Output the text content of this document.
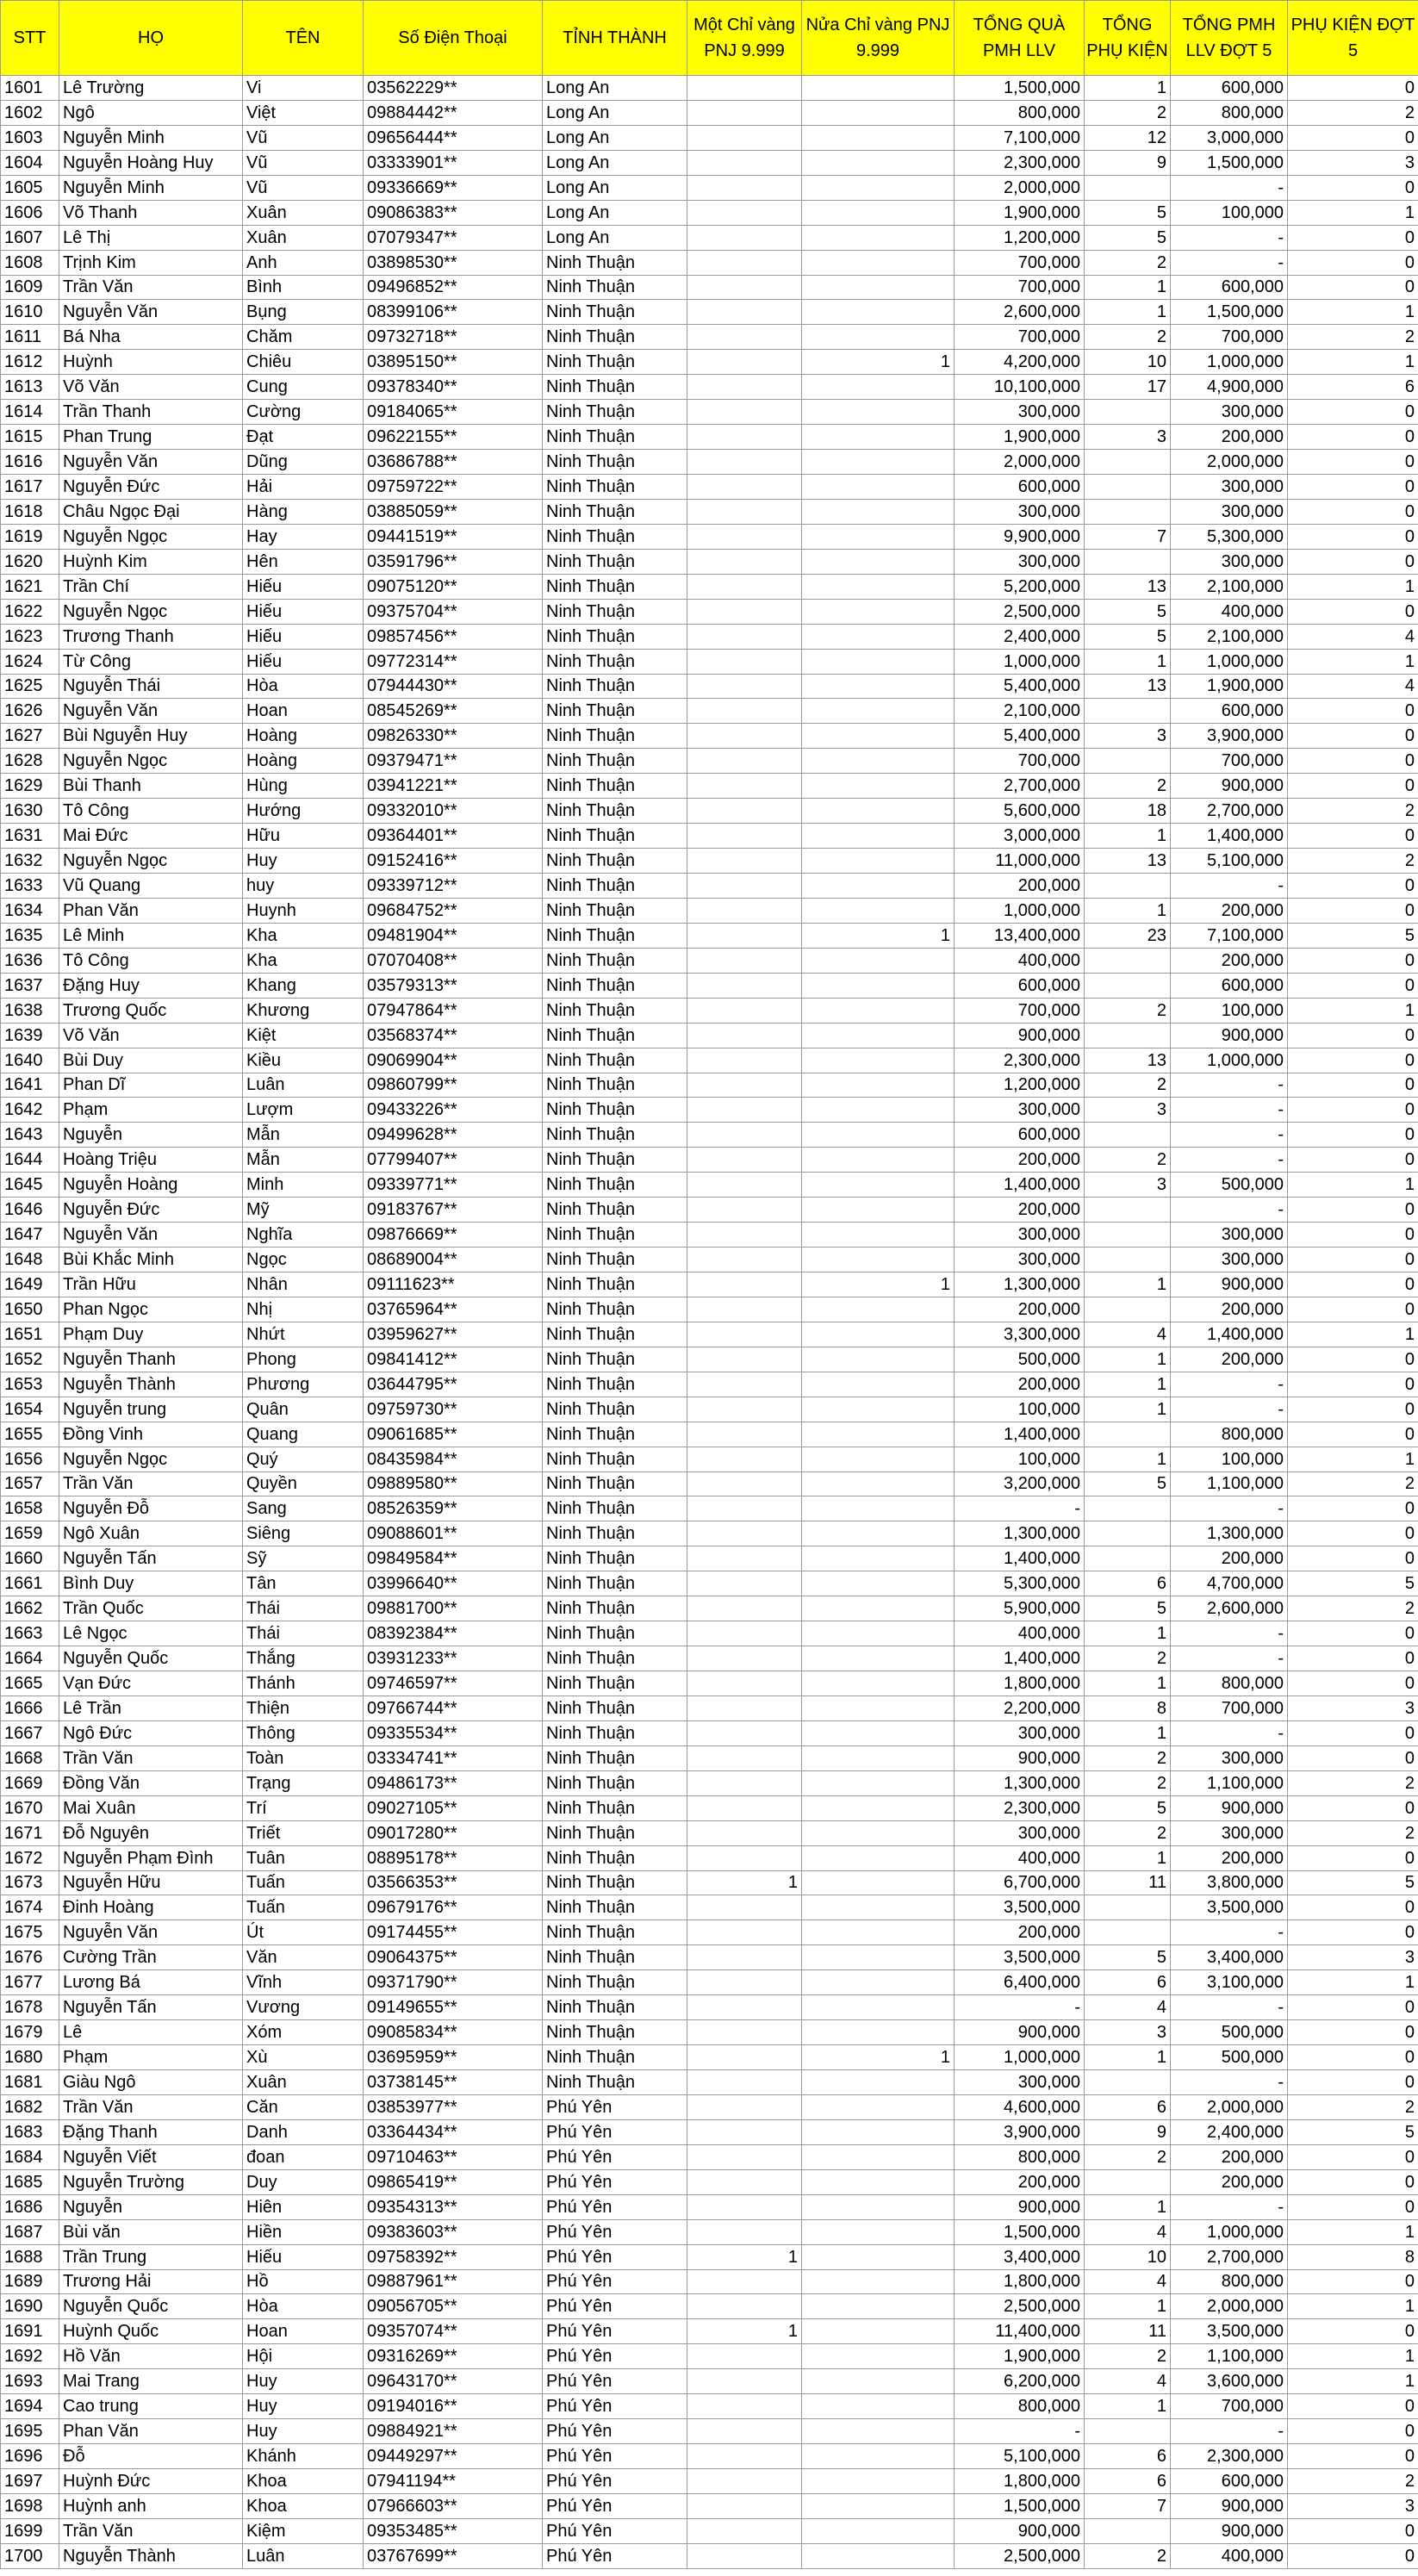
STT	HỌ	TÊN	Số Điện Thoại	TỈNH THÀNH	Một Chỉ vàng PNJ 9.999	Nửa Chỉ vàng PNJ 9.999	TỔNG QUÀ PMH LLV	TỔNG PHỤ KIỆN	TỔNG PMH LLV ĐỢT 5	PHỤ KIỆN ĐỢT 5
1601	Lê Trường	Vi	03562229**	Long An			1,500,000	1	600,000	0
1602	Ngô	Việt	09884442**	Long An			800,000	2	800,000	2
1603	Nguyễn Minh	Vũ	09656444**	Long An			7,100,000	12	3,000,000	0
1604	Nguyễn Hoàng Huy	Vũ	03333901**	Long An			2,300,000	9	1,500,000	3
1605	Nguyễn Minh	Vũ	09336669**	Long An			2,000,000		-	0
1606	Võ Thanh	Xuân	09086383**	Long An			1,900,000	5	100,000	1
1607	Lê Thị	Xuân	07079347**	Long An			1,200,000	5	-	0
1608	Trịnh Kim	Anh	03898530**	Ninh Thuận			700,000	2	-	0
1609	Trần Văn	Bình	09496852**	Ninh Thuận			700,000	1	600,000	0
1610	Nguyễn Văn	Bụng	08399106**	Ninh Thuận			2,600,000	1	1,500,000	1
1611	Bá Nha	Chăm	09732718**	Ninh Thuận			700,000	2	700,000	2
1612	Huỳnh	Chiêu	03895150**	Ninh Thuận		1	4,200,000	10	1,000,000	1
1613	Võ Văn	Cung	09378340**	Ninh Thuận			10,100,000	17	4,900,000	6
1614	Trần Thanh	Cường	09184065**	Ninh Thuận			300,000		300,000	0
1615	Phan Trung	Đạt	09622155**	Ninh Thuận			1,900,000	3	200,000	0
1616	Nguyễn Văn	Dũng	03686788**	Ninh Thuận			2,000,000		2,000,000	0
1617	Nguyễn Đức	Hải	09759722**	Ninh Thuận			600,000		300,000	0
1618	Châu Ngọc Đại	Hàng	03885059**	Ninh Thuận			300,000		300,000	0
1619	Nguyễn Ngọc	Hay	09441519**	Ninh Thuận			9,900,000	7	5,300,000	0
1620	Huỳnh Kim	Hên	03591796**	Ninh Thuận			300,000		300,000	0
1621	Trần Chí	Hiếu	09075120**	Ninh Thuận			5,200,000	13	2,100,000	1
1622	Nguyễn Ngọc	Hiếu	09375704**	Ninh Thuận			2,500,000	5	400,000	0
1623	Trương Thanh	Hiếu	09857456**	Ninh Thuận			2,400,000	5	2,100,000	4
1624	Từ Công	Hiếu	09772314**	Ninh Thuận			1,000,000	1	1,000,000	1
1625	Nguyễn Thái	Hòa	07944430**	Ninh Thuận			5,400,000	13	1,900,000	4
1626	Nguyễn Văn	Hoan	08545269**	Ninh Thuận			2,100,000		600,000	0
1627	Bùi Nguyễn Huy	Hoàng	09826330**	Ninh Thuận			5,400,000	3	3,900,000	0
1628	Nguyễn Ngọc	Hoàng	09379471**	Ninh Thuận			700,000		700,000	0
1629	Bùi Thanh	Hùng	03941221**	Ninh Thuận			2,700,000	2	900,000	0
1630	Tô Công	Hướng	09332010**	Ninh Thuận			5,600,000	18	2,700,000	2
1631	Mai Đức	Hữu	09364401**	Ninh Thuận			3,000,000	1	1,400,000	0
1632	Nguyễn Ngọc	Huy	09152416**	Ninh Thuận			11,000,000	13	5,100,000	2
1633	Vũ Quang	huy	09339712**	Ninh Thuận			200,000		-	0
1634	Phan Văn	Huynh	09684752**	Ninh Thuận			1,000,000	1	200,000	0
1635	Lê Minh	Kha	09481904**	Ninh Thuận		1	13,400,000	23	7,100,000	5
1636	Tô Công	Kha	07070408**	Ninh Thuận			400,000		200,000	0
1637	Đặng Huy	Khang	03579313**	Ninh Thuận			600,000		600,000	0
1638	Trương Quốc	Khương	07947864**	Ninh Thuận			700,000	2	100,000	1
1639	Võ Văn	Kiệt	03568374**	Ninh Thuận			900,000		900,000	0
1640	Bùi Duy	Kiều	09069904**	Ninh Thuận			2,300,000	13	1,000,000	0
1641	Phan Dĩ	Luân	09860799**	Ninh Thuận			1,200,000	2	-	0
1642	Phạm	Lượm	09433226**	Ninh Thuận			300,000	3	-	0
1643	Nguyễn	Mẫn	09499628**	Ninh Thuận			600,000		-	0
1644	Hoàng Triệu	Mẫn	07799407**	Ninh Thuận			200,000	2	-	0
1645	Nguyễn Hoàng	Minh	09339771**	Ninh Thuận			1,400,000	3	500,000	1
1646	Nguyễn Đức	Mỹ	09183767**	Ninh Thuận			200,000		-	0
1647	Nguyễn Văn	Nghĩa	09876669**	Ninh Thuận			300,000		300,000	0
1648	Bùi Khắc Minh	Ngọc	08689004**	Ninh Thuận			300,000		300,000	0
1649	Trần Hữu	Nhân	09111623**	Ninh Thuận		1	1,300,000	1	900,000	0
1650	Phan Ngọc	Nhị	03765964**	Ninh Thuận			200,000		200,000	0
1651	Phạm Duy	Nhứt	03959627**	Ninh Thuận			3,300,000	4	1,400,000	1
1652	Nguyễn Thanh	Phong	09841412**	Ninh Thuận			500,000	1	200,000	0
1653	Nguyễn Thành	Phương	03644795**	Ninh Thuận			200,000	1	-	0
1654	Nguyễn trung	Quân	09759730**	Ninh Thuận			100,000	1	-	0
1655	Đồng Vinh	Quang	09061685**	Ninh Thuận			1,400,000		800,000	0
1656	Nguyễn Ngọc	Quý	08435984**	Ninh Thuận			100,000	1	100,000	1
1657	Trần Văn	Quyền	09889580**	Ninh Thuận			3,200,000	5	1,100,000	2
1658	Nguyễn Đỗ	Sang	08526359**	Ninh Thuận			-		-	0
1659	Ngô Xuân	Siêng	09088601**	Ninh Thuận			1,300,000		1,300,000	0
1660	Nguyễn Tấn	Sỹ	09849584**	Ninh Thuận			1,400,000		200,000	0
1661	Bình Duy	Tân	03996640**	Ninh Thuận			5,300,000	6	4,700,000	5
1662	Trần Quốc	Thái	09881700**	Ninh Thuận			5,900,000	5	2,600,000	2
1663	Lê Ngọc	Thái	08392384**	Ninh Thuận			400,000	1	-	0
1664	Nguyễn Quốc	Thắng	03931233**	Ninh Thuận			1,400,000	2	-	0
1665	Vạn Đức	Thánh	09746597**	Ninh Thuận			1,800,000	1	800,000	0
1666	Lê Trần	Thiện	09766744**	Ninh Thuận			2,200,000	8	700,000	3
1667	Ngô Đức	Thông	09335534**	Ninh Thuận			300,000	1	-	0
1668	Trần Văn	Toàn	03334741**	Ninh Thuận			900,000	2	300,000	0
1669	Đồng Văn	Trạng	09486173**	Ninh Thuận			1,300,000	2	1,100,000	2
1670	Mai Xuân	Trí	09027105**	Ninh Thuận			2,300,000	5	900,000	0
1671	Đỗ Nguyên	Triết	09017280**	Ninh Thuận			300,000	2	300,000	2
1672	Nguyễn Phạm Đình	Tuân	08895178**	Ninh Thuận			400,000	1	200,000	0
1673	Nguyễn Hữu	Tuấn	03566353**	Ninh Thuận	1		6,700,000	11	3,800,000	5
1674	Đinh Hoàng	Tuấn	09679176**	Ninh Thuận			3,500,000		3,500,000	0
1675	Nguyễn Văn	Út	09174455**	Ninh Thuận			200,000		-	0
1676	Cường Trần	Văn	09064375**	Ninh Thuận			3,500,000	5	3,400,000	3
1677	Lương Bá	Vĩnh	09371790**	Ninh Thuận			6,400,000	6	3,100,000	1
1678	Nguyễn Tấn	Vương	09149655**	Ninh Thuận			-	4	-	0
1679	Lê	Xóm	09085834**	Ninh Thuận			900,000	3	500,000	0
1680	Phạm	Xù	03695959**	Ninh Thuận		1	1,000,000	1	500,000	0
1681	Giàu Ngô	Xuân	03738145**	Ninh Thuận			300,000		-	0
1682	Trần Văn	Căn	03853977**	Phú Yên			4,600,000	6	2,000,000	2
1683	Đặng Thanh	Danh	03364434**	Phú Yên			3,900,000	9	2,400,000	5
1684	Nguyễn Viết	đoan	09710463**	Phú Yên			800,000	2	200,000	0
1685	Nguyễn Trường	Duy	09865419**	Phú Yên			200,000		200,000	0
1686	Nguyễn	Hiên	09354313**	Phú Yên			900,000	1	-	0
1687	Bùi văn	Hiền	09383603**	Phú Yên			1,500,000	4	1,000,000	1
1688	Trần Trung	Hiếu	09758392**	Phú Yên	1		3,400,000	10	2,700,000	8
1689	Trương Hải	Hồ	09887961**	Phú Yên			1,800,000	4	800,000	0
1690	Nguyễn Quốc	Hòa	09056705**	Phú Yên			2,500,000	1	2,000,000	1
1691	Huỳnh Quốc	Hoan	09357074**	Phú Yên	1		11,400,000	11	3,500,000	0
1692	Hồ Văn	Hội	09316269**	Phú Yên			1,900,000	2	1,100,000	1
1693	Mai Trang	Huy	09643170**	Phú Yên			6,200,000	4	3,600,000	1
1694	Cao trung	Huy	09194016**	Phú Yên			800,000	1	700,000	0
1695	Phan Văn	Huy	09884921**	Phú Yên			-		-	0
1696	Đỗ	Khánh	09449297**	Phú Yên			5,100,000	6	2,300,000	0
1697	Huỳnh Đức	Khoa	07941194**	Phú Yên			1,800,000	6	600,000	2
1698	Huỳnh anh	Khoa	07966603**	Phú Yên			1,500,000	7	900,000	3
1699	Trần Văn	Kiệm	09353485**	Phú Yên			900,000		900,000	0
1700	Nguyễn Thành	Luân	03767699**	Phú Yên			2,500,000	2	400,000	0
